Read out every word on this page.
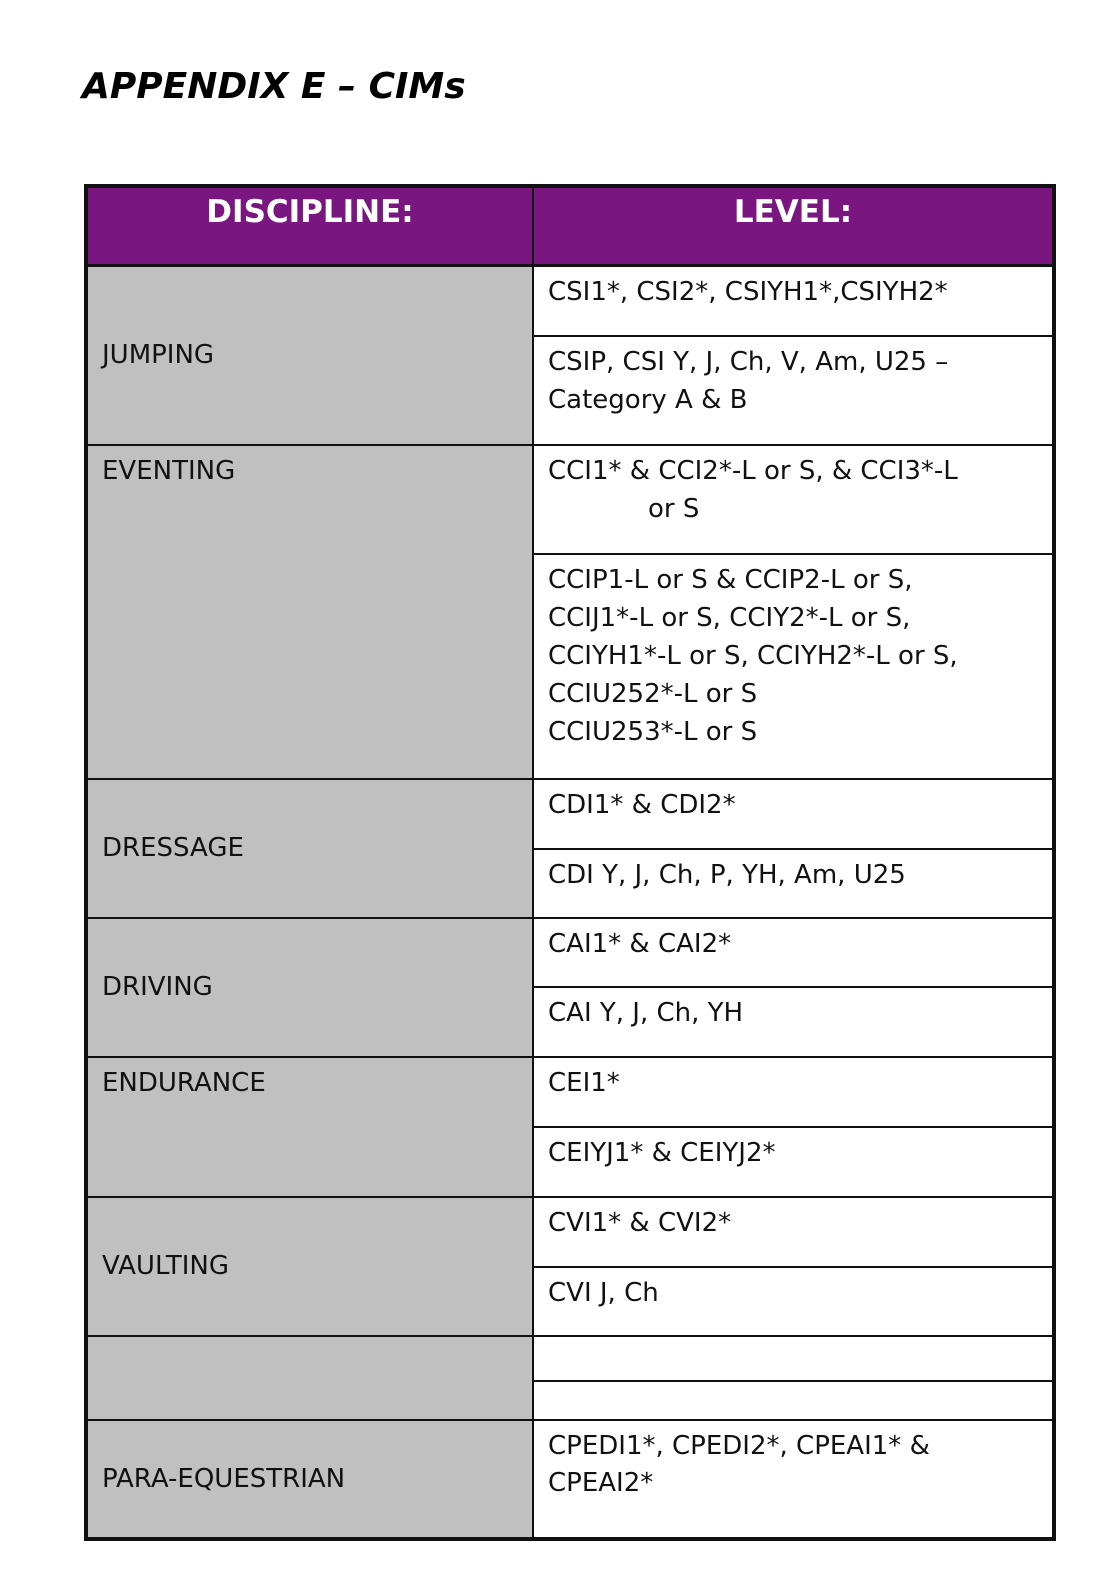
APPENDIX E – CIMs
DISCIPLINE:	LEVEL:
JUMPING	CSI1*, CSI2*, CSIYH1*,CSIYH2*

	CSIP, CSI Y, J, Ch, V, Am, U25 –
Category A & B

EVENTING	CCI1* & CCI2*-L or S, & CCI3*-L
or S

	CCIP1-L or S & CCIP2-L or S,
CCIJ1*-L or S, CCIY2*-L or S,
CCIYH1*-L or S, CCIYH2*-L or S,
CCIU252*-L or S
CCIU253*-L or S

DRESSAGE	CDI1* & CDI2*

	CDI Y, J, Ch, P, YH, Am, U25

DRIVING	CAI1* & CAI2*

	CAI Y, J, Ch, YH

ENDURANCE	CEI1*

	CEIYJ1* & CEIYJ2*

VAULTING	CVI1* & CVI2*

	CVI J, Ch

PARA-EQUESTRIAN	CPEDI1*, CPEDI2*, CPEAI1* &
CPEAI2*
